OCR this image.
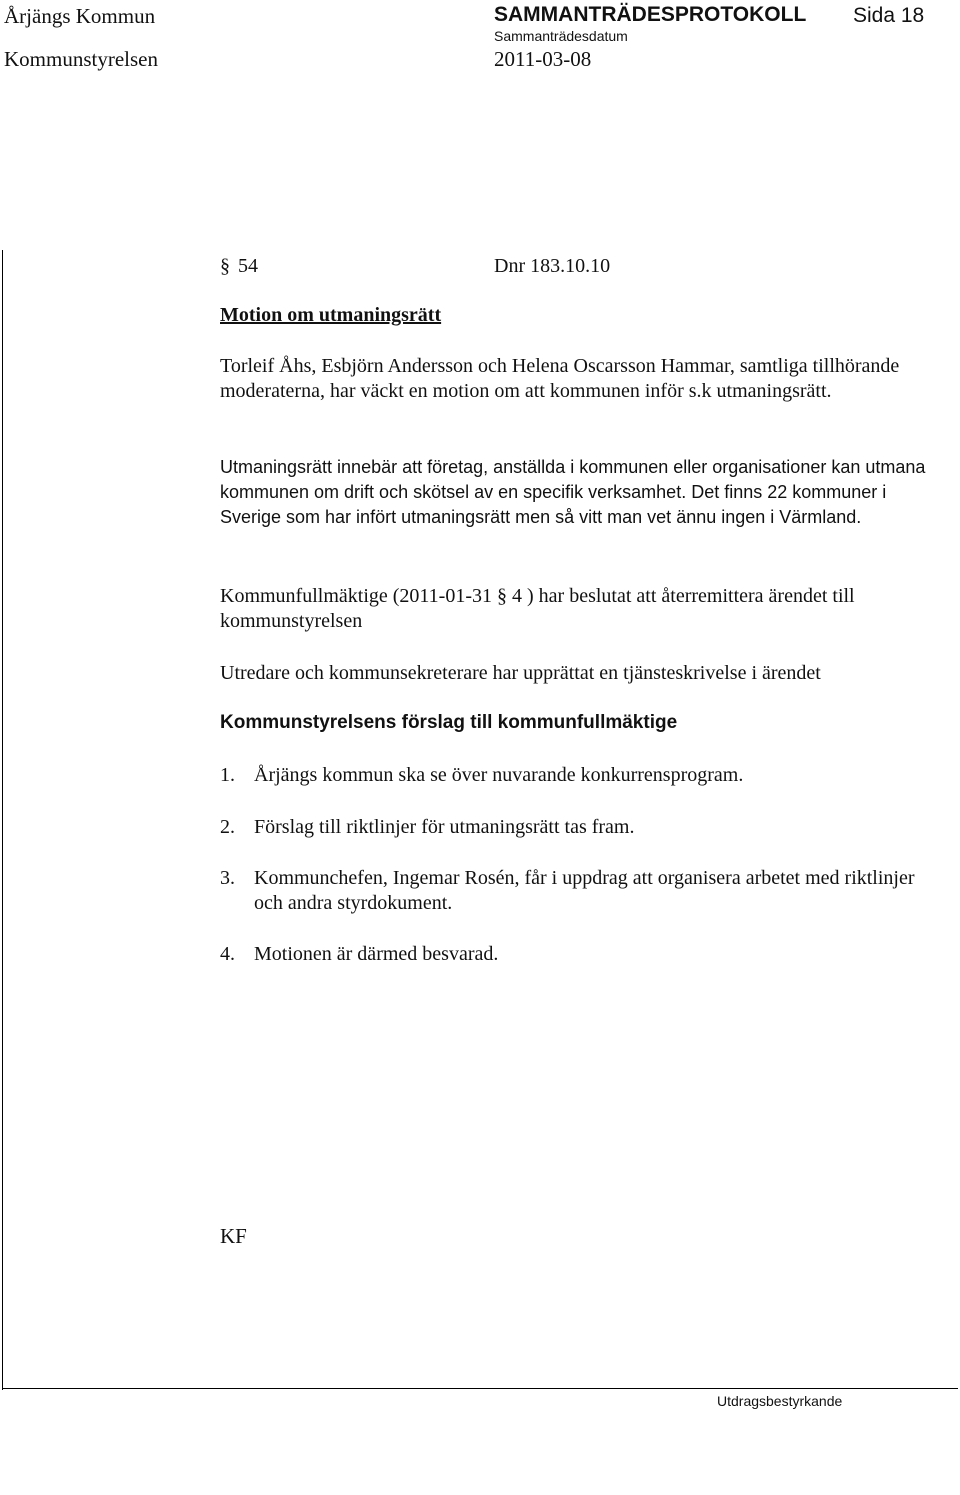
Årjängs Kommun	SAMMANTRÄDESPROTOKOLL Sida 18
Kommunstyrelsen
Sammanträdesdatum
2011-03-08
§ 54	Dnr 183.10.10
Motion om utmaningsrätt
Torleif Åhs, Esbjörn Andersson och Helena Oscarsson Hammar, samtliga tillhörande moderaterna, har väckt en motion om att kommunen inför s.k utmaningsrätt.
Utmaningsrätt innebär att företag, anställda i kommunen eller organisationer kan utmana kommunen om drift och skötsel av en specifik verksamhet. Det finns 22 kommuner i Sverige som har infört utmaningsrätt men så vitt man vet ännu ingen i Värmland.
Kommunfullmäktige (2011-01-31 § 4 ) har beslutat att återremittera ärendet till kommunstyrelsen
Utredare och kommunsekreterare har upprättat en tjänsteskrivelse i ärendet
Kommunstyrelsens förslag till kommunfullmäktige
1. Årjängs kommun ska se över nuvarande konkurrensprogram.
2. Förslag till riktlinjer för utmaningsrätt tas fram.
3. Kommunchefen, Ingemar Rosén, får i uppdrag att organisera arbetet med riktlinjer och andra styrdokument.
4. Motionen är därmed besvarad.
KF
Utdragsbestyrkande
